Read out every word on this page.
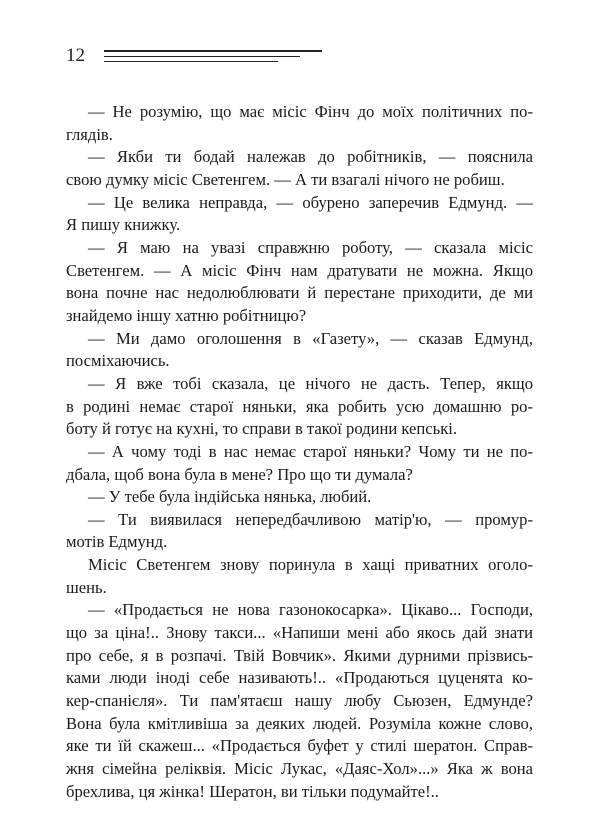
12
— Не розумію, що має місіс Фінч до моїх політичних по-
глядів.
— Якби ти бодай належав до робітників, — пояснила
свою думку місіс Светенгем. — А ти взагалі нічого не робиш.
— Це велика неправда, — обурено заперечив Едмунд. —
Я пишу книжку.
— Я маю на увазі справжню роботу, — сказала місіс
Светенгем. — А місіс Фінч нам дратувати не можна. Якщо
вона почне нас недолюблювати й перестане приходити, де ми
знайдемо іншу хатню робітницю?
— Ми дамо оголошення в «Газету», — сказав Едмунд,
посміхаючись.
— Я вже тобі сказала, це нічого не дасть. Тепер, якщо
в родині немає старої няньки, яка робить усю домашню ро-
боту й готує на кухні, то справи в такої родини кепські.
— А чому тоді в нас немає старої няньки? Чому ти не по-
дбала, щоб вона була в мене? Про що ти думала?
— У тебе була індійська нянька, любий.
— Ти виявилася непередбачливою матір'ю, — промур-
мотів Едмунд.
Місіс Светенгем знову поринула в хащі приватних оголо-
шень.
— «Продається не нова газонокосарка». Цікаво... Господи,
що за ціна!.. Знову такси... «Напиши мені або якось дай знати
про себе, я в розпачі. Твій Вовчик». Якими дурними прізвись-
ками люди іноді себе називають!.. «Продаються цуценята ко-
кер-спанієля». Ти пам'ятаєш нашу любу Сьюзен, Едмунде?
Вона була кмітливіша за деяких людей. Розуміла кожне слово,
яке ти їй скажеш... «Продається буфет у стилі шератон. Справ-
жня сімейна реліквія. Місіс Лукас, «Даяс-Хол»...» Яка ж вона
брехлива, ця жінка! Шератон, ви тільки подумайте!..
